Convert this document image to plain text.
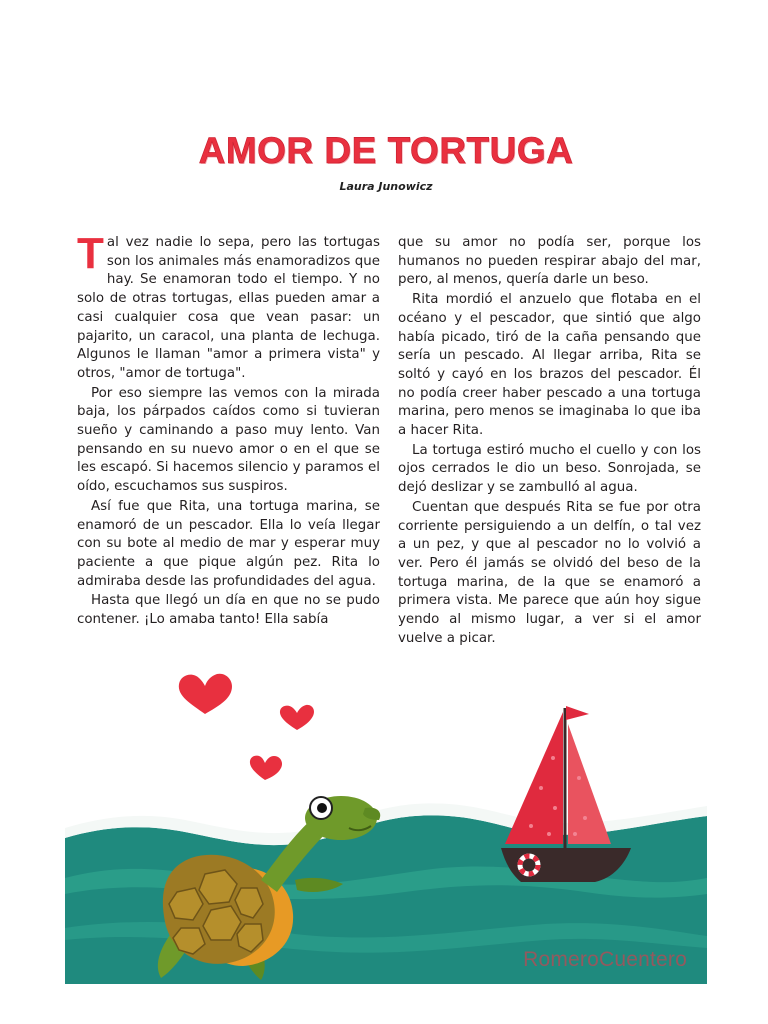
AMOR DE TORTUGA
Laura Junowicz

Tal vez nadie lo sepa, pero las tortugas son los animales más enamoradizos que hay. Se enamoran todo el tiempo. Y no solo de otras tortugas, ellas pueden amar a casi cualquier cosa que vean pasar: un pajarito, un caracol, una planta de lechuga. Algunos le llaman "amor a primera vista" y otros, "amor de tortuga".

Por eso siempre las vemos con la mirada baja, los párpados caídos como si tuvieran sueño y caminando a paso muy lento. Van pensando en su nuevo amor o en el que se les escapó. Si hacemos silencio y paramos el oído, escuchamos sus suspiros.

Así fue que Rita, una tortuga marina, se enamoró de un pescador. Ella lo veía llegar con su bote al medio de mar y esperar muy paciente a que pique algún pez. Rita lo admiraba desde las profundidades del agua.

Hasta que llegó un día en que no se pudo contener. ¡Lo amaba tanto! Ella sabía

que su amor no podía ser, porque los humanos no pueden respirar abajo del mar, pero, al menos, quería darle un beso.

Rita mordió el anzuelo que flotaba en el océano y el pescador, que sintió que algo había picado, tiró de la caña pensando que sería un pescado. Al llegar arriba, Rita se soltó y cayó en los brazos del pescador. Él no podía creer haber pescado a una tortuga marina, pero menos se imaginaba lo que iba a hacer Rita.

La tortuga estiró mucho el cuello y con los ojos cerrados le dio un beso. Sonrojada, se dejó deslizar y se zambulló al agua.

Cuentan que después Rita se fue por otra corriente persiguiendo a un delfín, o tal vez a un pez, y que al pescador no lo volvió a ver. Pero él jamás se olvidó del beso de la tortuga marina, de la que se enamoró a primera vista. Me parece que aún hoy sigue yendo al mismo lugar, a ver si el amor vuelve a picar.

RomeroCuentero
